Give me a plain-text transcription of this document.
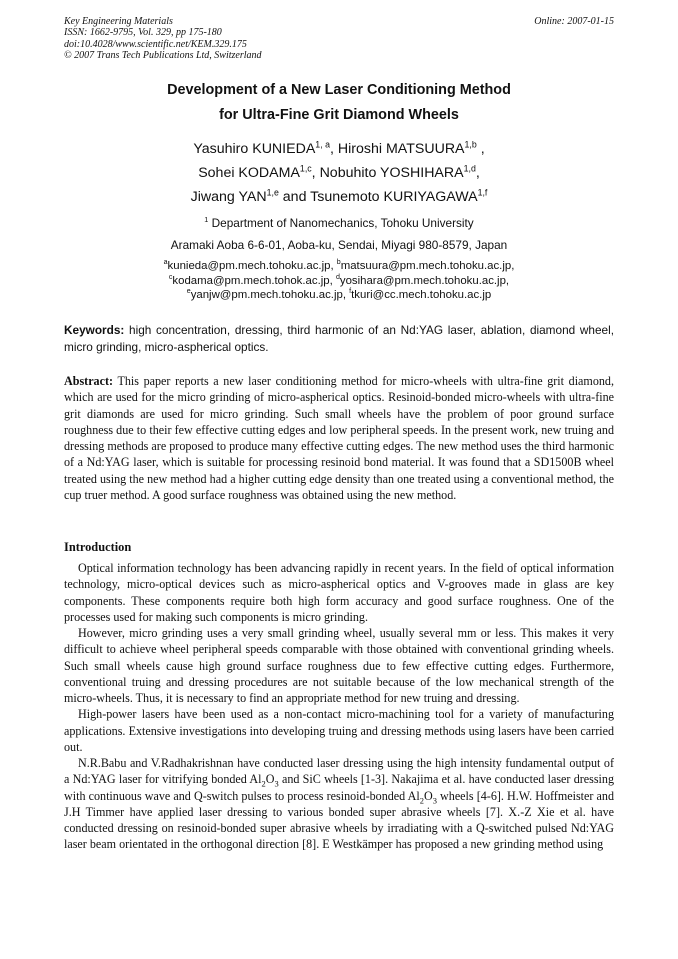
Key Engineering Materials
ISSN: 1662-9795, Vol. 329, pp 175-180
doi:10.4028/www.scientific.net/KEM.329.175
© 2007 Trans Tech Publications Ltd, Switzerland
Online: 2007-01-15
Development of a New Laser Conditioning Method
for Ultra-Fine Grit Diamond Wheels
Yasuhiro KUNIEDA$^{1, a}$, Hiroshi MATSUURA$^{1,b}$ ,
Sohei KODAMA$^{1,c}$, Nobuhito YOSHIHARA$^{1,d}$,
Jiwang YAN$^{1,e}$ and Tsunemoto KURIYAGAWA$^{1,f}$
$^1$ Department of Nanomechanics, Tohoku University
Aramaki Aoba 6-6-01, Aoba-ku, Sendai, Miyagi 980-8579, Japan
$^a$kunieda@pm.mech.tohoku.ac.jp, $^b$matsuura@pm.mech.tohoku.ac.jp,
$^c$kodama@pm.mech.tohok.ac.jp, $^d$yosihara@pm.mech.tohoku.ac.jp,
$^e$yanjw@pm.mech.tohoku.ac.jp, $^f$tkuri@cc.mech.tohoku.ac.jp
Keywords: high concentration, dressing, third harmonic of an Nd:YAG laser, ablation, diamond wheel, micro grinding, micro-aspherical optics.
Abstract: This paper reports a new laser conditioning method for micro-wheels with ultra-fine grit diamond, which are used for the micro grinding of micro-aspherical optics. Resinoid-bonded micro-wheels with ultra-fine grit diamonds are used for micro grinding. Such small wheels have the problem of poor ground surface roughness due to their few effective cutting edges and low peripheral speeds. In the present work, new truing and dressing methods are proposed to produce many effective cutting edges. The new method uses the third harmonic of a Nd:YAG laser, which is suitable for processing resinoid bond material. It was found that a SD1500B wheel treated using the new method had a higher cutting edge density than one treated using a conventional method, the cup truer method. A good surface roughness was obtained using the new method.
Introduction

Optical information technology has been advancing rapidly in recent years. In the field of optical information technology, micro-optical devices such as micro-aspherical optics and V-grooves made in glass are key components. These components require both high form accuracy and good surface roughness. One of the processes used for making such components is micro grinding.

However, micro grinding uses a very small grinding wheel, usually several mm or less. This makes it very difficult to achieve wheel peripheral speeds comparable with those obtained with conventional grinding wheels. Such small wheels cause high ground surface roughness due to few effective cutting edges. Furthermore, conventional truing and dressing procedures are not suitable because of the low mechanical strength of the micro-wheels. Thus, it is necessary to find an appropriate method for new truing and dressing.

High-power lasers have been used as a non-contact micro-machining tool for a variety of manufacturing applications. Extensive investigations into developing truing and dressing methods using lasers have been carried out.

N.R.Babu and V.Radhakrishnan have conducted laser dressing using the high intensity fundamental output of a Nd:YAG laser for vitrifying bonded $Al_2O_3$ and SiC wheels [1-3]. Nakajima et al. have conducted laser dressing with continuous wave and Q-switch pulses to process resinoid-bonded $Al_2O_3$ wheels [4-6]. H.W. Hoffmeister and J.H Timmer have applied laser dressing to various bonded super abrasive wheels [7]. X.-Z Xie et al. have conducted dressing on resinoid-bonded super abrasive wheels by irradiating with a Q-switched pulsed Nd:YAG laser beam orientated in the orthogonal direction [8]. E Westkämper has proposed a new grinding method using
